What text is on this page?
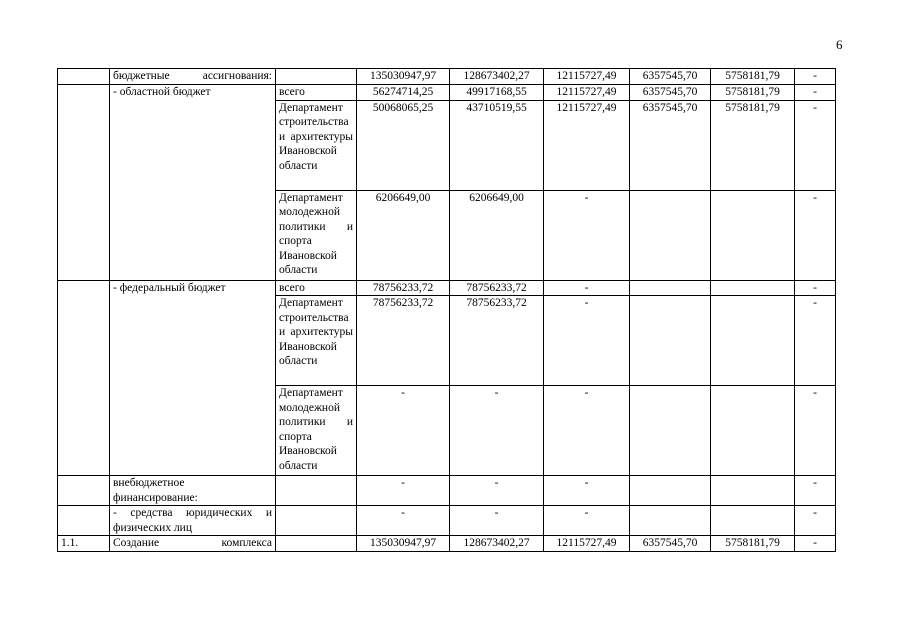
6
	бюджетные ассигнования:		135030947,97	128673402,27	12115727,49	6357545,70	5758181,79	-
	- областной бюджет	всего	56274714,25	49917168,55	12115727,49	6357545,70	5758181,79	-
		Департамент строительства и архитектуры Ивановской области	50068065,25	43710519,55	12115727,49	6357545,70	5758181,79	-
		Департамент молодежной политики и спорта Ивановской области	6206649,00	6206649,00	-			-
	- федеральный бюджет	всего	78756233,72	78756233,72	-			-
		Департамент строительства и архитектуры Ивановской области	78756233,72	78756233,72	-			-
		Департамент молодежной политики и спорта Ивановской области	-	-	-			-
	внебюджетное финансирование:		-	-	-			-
	- средства юридических и физических лиц		-	-	-			-
1.1.	Создание комплекса		135030947,97	128673402,27	12115727,49	6357545,70	5758181,79	-
